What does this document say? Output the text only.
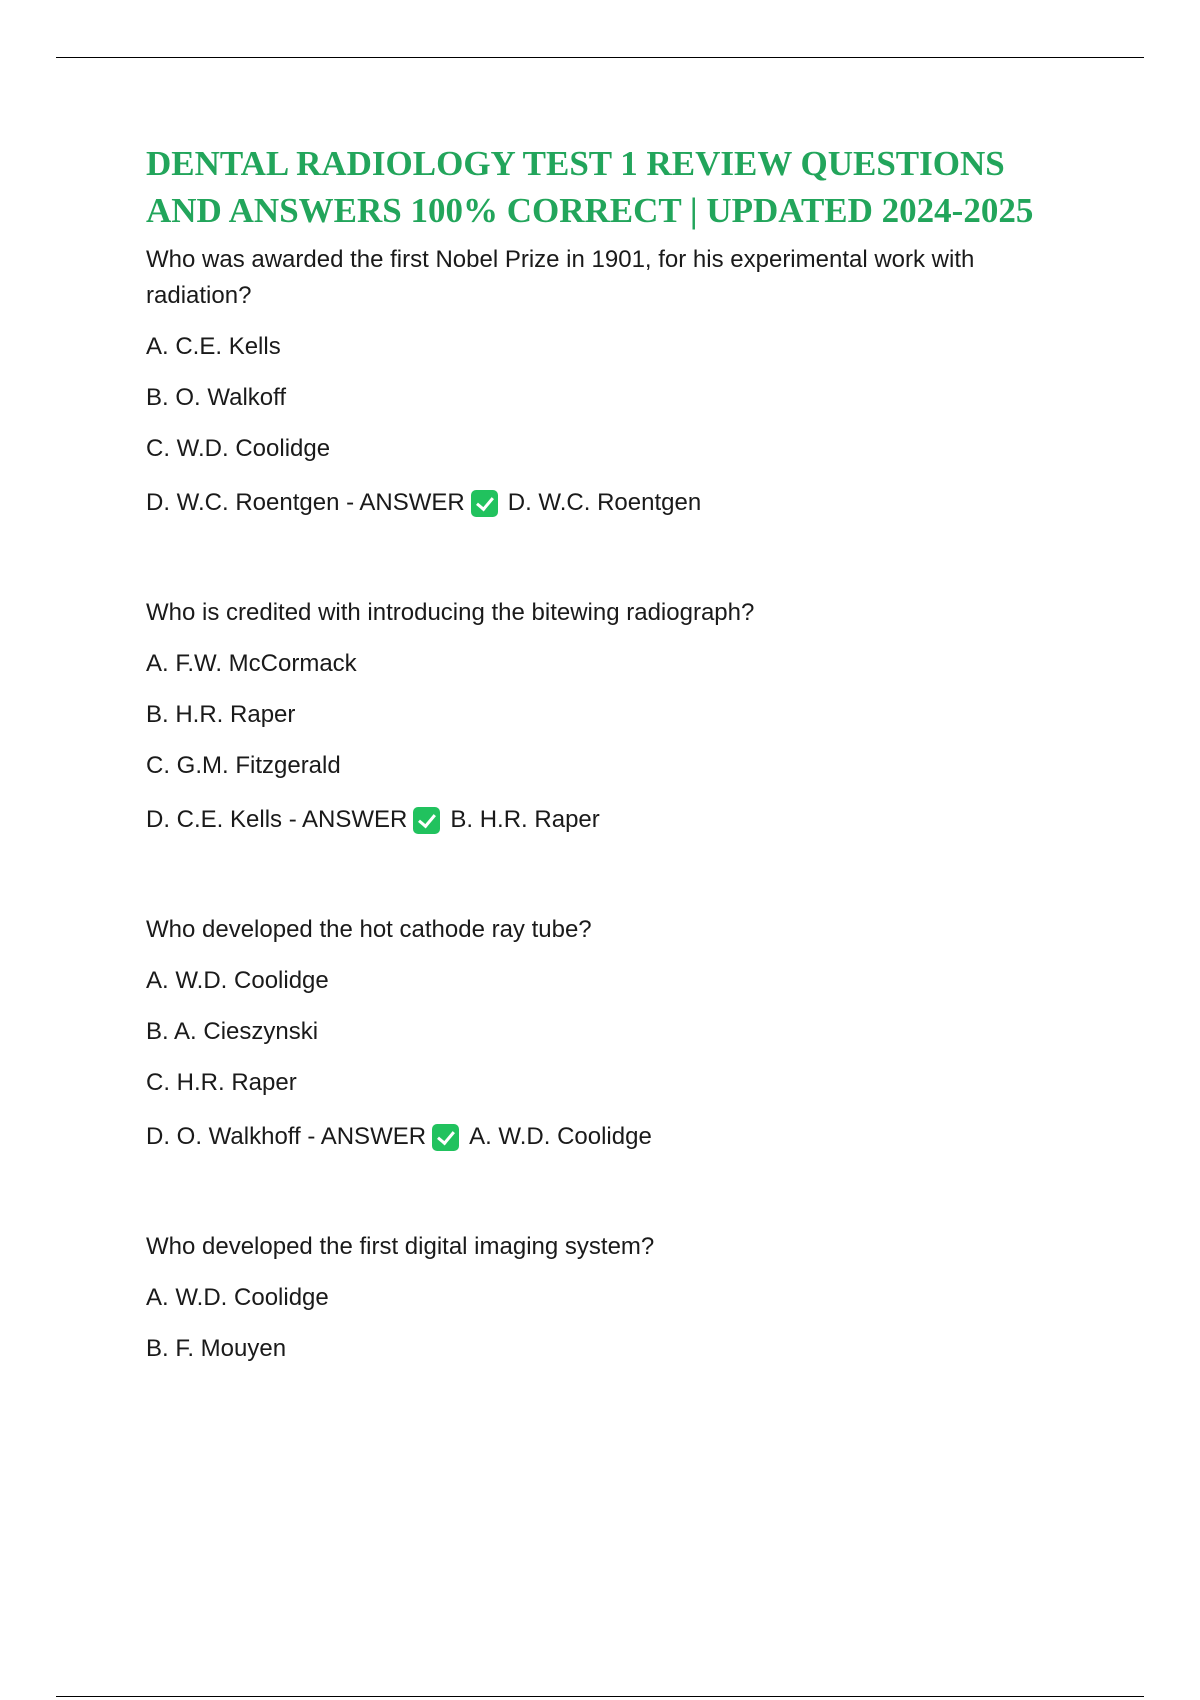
DENTAL RADIOLOGY TEST 1 REVIEW QUESTIONS AND ANSWERS 100% CORRECT | UPDATED 2024-2025

Who was awarded the first Nobel Prize in 1901, for his experimental work with radiation?

A. C.E. Kells

B. O. Walkoff

C. W.D. Coolidge

D. W.C. Roentgen - ANSWER D. W.C. Roentgen

Who is credited with introducing the bitewing radiograph?

A. F.W. McCormack

B. H.R. Raper

C. G.M. Fitzgerald

D. C.E. Kells - ANSWER B. H.R. Raper

Who developed the hot cathode ray tube?

A. W.D. Coolidge

B. A. Cieszynski

C. H.R. Raper

D. O. Walkhoff - ANSWER A. W.D. Coolidge

Who developed the first digital imaging system?

A. W.D. Coolidge

B. F. Mouyen
